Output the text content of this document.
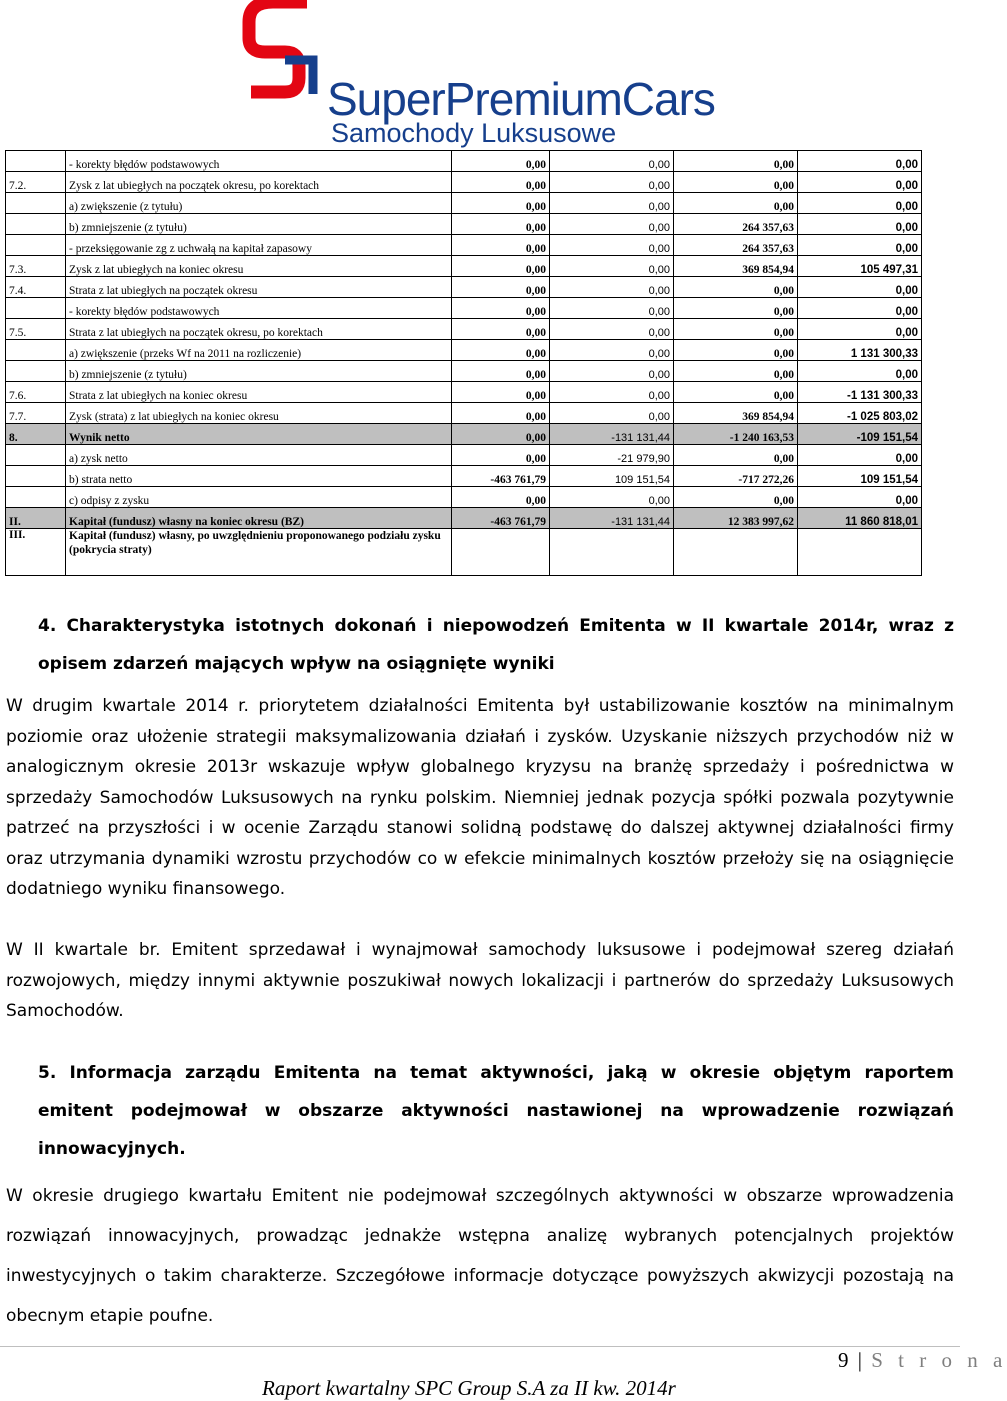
SuperPremiumCars
Samochody Luksusowe
	- korekty błędów podstawowych	0,00	0,00	0,00	0,00
7.2.	Zysk z lat ubiegłych na początek okresu, po korektach	0,00	0,00	0,00	0,00
	a) zwiększenie (z tytułu)	0,00	0,00	0,00	0,00
	b) zmniejszenie (z tytułu)	0,00	0,00	264 357,63	0,00
	- przeksięgowanie zg z uchwałą na kapitał zapasowy	0,00	0,00	264 357,63	0,00
7.3.	Zysk z lat ubiegłych na koniec okresu	0,00	0,00	369 854,94	105 497,31
7.4.	Strata z lat ubiegłych na początek okresu	0,00	0,00	0,00	0,00
	- korekty błędów podstawowych	0,00	0,00	0,00	0,00
7.5.	Strata z lat ubiegłych na początek okresu, po korektach	0,00	0,00	0,00	0,00
	a) zwiększenie (przeks Wf na 2011 na rozliczenie)	0,00	0,00	0,00	1 131 300,33
	b) zmniejszenie (z tytułu)	0,00	0,00	0,00	0,00
7.6.	Strata z lat ubiegłych na koniec okresu	0,00	0,00	0,00	-1 131 300,33
7.7.	Zysk (strata) z lat ubiegłych na koniec okresu	0,00	0,00	369 854,94	-1 025 803,02
8.	Wynik netto	0,00	-131 131,44	-1 240 163,53	-109 151,54
	a) zysk netto	0,00	-21 979,90	0,00	0,00
	b) strata netto	-463 761,79	109 151,54	-717 272,26	109 151,54
	c) odpisy z zysku	0,00	0,00	0,00	0,00
II.	Kapitał (fundusz) własny na koniec okresu (BZ)	-463 761,79	-131 131,44	12 383 997,62	11 860 818,01
III.	Kapitał (fundusz) własny, po uwzględnieniu proponowanego podziału zysku (pokrycia straty)				
4. Charakterystyka istotnych dokonań i niepowodzeń Emitenta w II kwartale 2014r, wraz z opisem zdarzeń mających wpływ na osiągnięte wyniki
W drugim kwartale 2014 r. priorytetem działalności Emitenta był ustabilizowanie kosztów na minimalnym poziomie oraz ułożenie strategii maksymalizowania działań i zysków. Uzyskanie niższych przychodów niż w analogicznym okresie 2013r wskazuje wpływ globalnego kryzysu na branżę sprzedaży i pośrednictwa w sprzedaży Samochodów Luksusowych na rynku polskim. Niemniej jednak pozycja spółki pozwala pozytywnie patrzeć na przyszłości i w ocenie Zarządu stanowi solidną podstawę do dalszej aktywnej działalności firmy oraz utrzymania dynamiki wzrostu przychodów co w efekcie minimalnych kosztów przełoży się na osiągnięcie dodatniego wyniku finansowego.
W II kwartale br. Emitent sprzedawał i wynajmował samochody luksusowe i podejmował szereg działań rozwojowych, między innymi aktywnie poszukiwał nowych lokalizacji i partnerów do sprzedaży Luksusowych Samochodów.
5. Informacja zarządu Emitenta na temat aktywności, jaką w okresie objętym raportem emitent podejmował w obszarze aktywności nastawionej na wprowadzenie rozwiązań innowacyjnych.
W okresie drugiego kwartału Emitent nie podejmował szczególnych aktywności w obszarze wprowadzenia rozwiązań innowacyjnych, prowadząc jednakże wstępna analizę wybranych potencjalnych projektów inwestycyjnych o takim charakterze. Szczegółowe informacje dotyczące powyższych akwizycji pozostają na obecnym etapie poufne.
9 | S t r o n a
Raport kwartalny SPC Group S.A za II kw. 2014r
